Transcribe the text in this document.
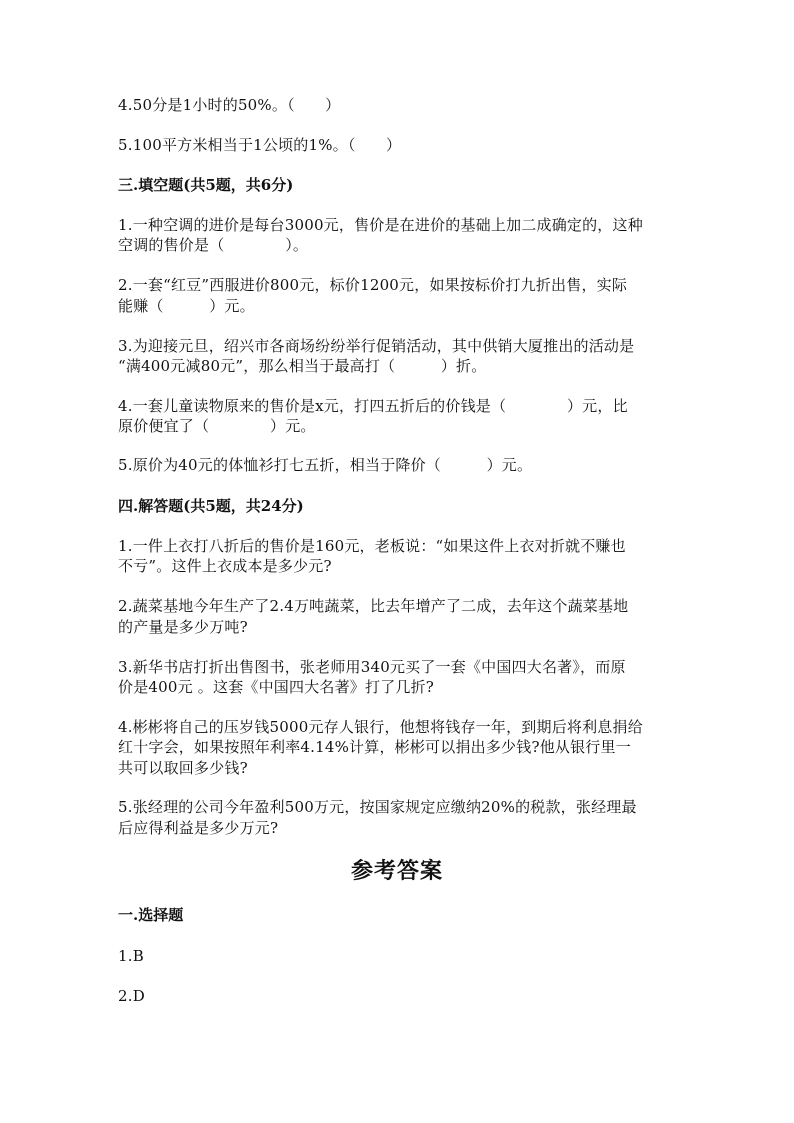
4.50分是1小时的50%。（　　）
5.100平方米相当于1公顷的1%。（　　）
三.填空题(共5题，共6分)
1.一种空调的进价是每台3000元，售价是在进价的基础上加二成确定的，这种
空调的售价是（　　　　）。
2.一套“红豆”西服进价800元，标价1200元，如果按标价打九折出售，实际
能赚（　　　）元。
3.为迎接元旦，绍兴市各商场纷纷举行促销活动，其中供销大厦推出的活动是
“满400元减80元”，那么相当于最高打（　　　）折。
4.一套儿童读物原来的售价是x元，打四五折后的价钱是（　　　　）元，比
原价便宜了（　　　　）元。
5.原价为40元的体恤衫打七五折，相当于降价（　　　）元。
四.解答题(共5题，共24分)
1.一件上衣打八折后的售价是160元，老板说：“如果这件上衣对折就不赚也
不亏”。这件上衣成本是多少元?
2.蔬菜基地今年生产了2.4万吨蔬菜，比去年增产了二成，去年这个蔬菜基地
的产量是多少万吨?
3.新华书店打折出售图书，张老师用340元买了一套《中国四大名著》，而原
价是400元 。这套《中国四大名著》打了几折?
4.彬彬将自己的压岁钱5000元存人银行，他想将钱存一年，到期后将利息捐给
红十字会，如果按照年利率4.14%计算，彬彬可以捐出多少钱?他从银行里一
共可以取回多少钱?
5.张经理的公司今年盈利500万元，按国家规定应缴纳20%的税款，张经理最
后应得利益是多少万元?
参考答案
一.选择题
1.B
2.D
